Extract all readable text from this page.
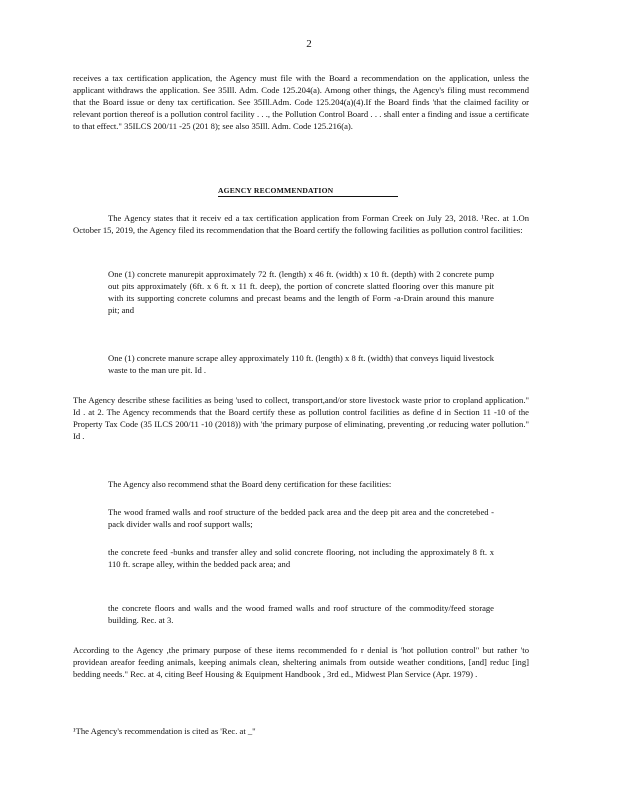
2
receives a tax certification application, the Agency must file with the Board a recommendation on the application, unless the applicant withdraws the application. See 35Ill. Adm. Code 125.204(a). Among other things, the Agency's filing must recommend that the Board issue or deny tax certification. See 35Ill.Adm. Code 125.204(a)(4).If the Board finds 'that the claimed facility or relevant portion thereof is a pollution control facility . . ., the Pollution Control Board . . . shall enter a finding and issue a certificate to that effect." 35ILCS 200/11 -25 (201 8); see also 35Ill. Adm. Code 125.216(a).
AGENCY RECOMMENDATION
The Agency states that it receiv ed a tax certification application from Forman Creek on July 23, 2018. ¹Rec. at 1.On October 15, 2019, the Agency filed its recommendation that the Board certify the following facilities as pollution control facilities:
One (1) concrete manurepit approximately 72 ft. (length) x 46 ft. (width) x 10 ft. (depth) with 2 concrete pump out pits approximately (6ft. x 6 ft. x 11 ft. deep), the portion of concrete slatted flooring over this manure pit with its supporting concrete columns and precast beams and the length of Form -a-Drain around this manure pit; and
One (1) concrete manure scrape alley approximately 110 ft. (length) x 8 ft. (width) that conveys liquid livestock waste to the man ure pit. Id .
The Agency describe sthese facilities as being 'used to collect, transport,and/or store livestock waste prior to cropland application." Id . at 2. The Agency recommends that the Board certify these as pollution control facilities as define d in Section 11 -10 of the Property Tax Code (35 ILCS 200/11 -10 (2018)) with 'the primary purpose of eliminating, preventing ,or reducing water pollution." Id .
The Agency also recommend sthat the Board deny certification for these facilities:
The wood framed walls and roof structure of the bedded pack area and the deep pit area and the concretebed - pack divider walls and roof support walls;
the concrete feed -bunks and transfer alley and solid concrete flooring, not including the approximately 8 ft. x 110 ft. scrape alley, within the bedded pack area; and
the concrete floors and walls and the wood framed walls and roof structure of the commodity/feed storage building. Rec. at 3.
According to the Agency ,the primary purpose of these items recommended fo r denial is 'hot pollution control" but rather 'to providean areafor feeding animals, keeping animals clean, sheltering animals from outside weather conditions, [and] reduc [ing] bedding needs." Rec. at 4, citing Beef Housing & Equipment Handbook , 3rd ed., Midwest Plan Service (Apr. 1979) .
¹The Agency's recommendation is cited as 'Rec. at _"
